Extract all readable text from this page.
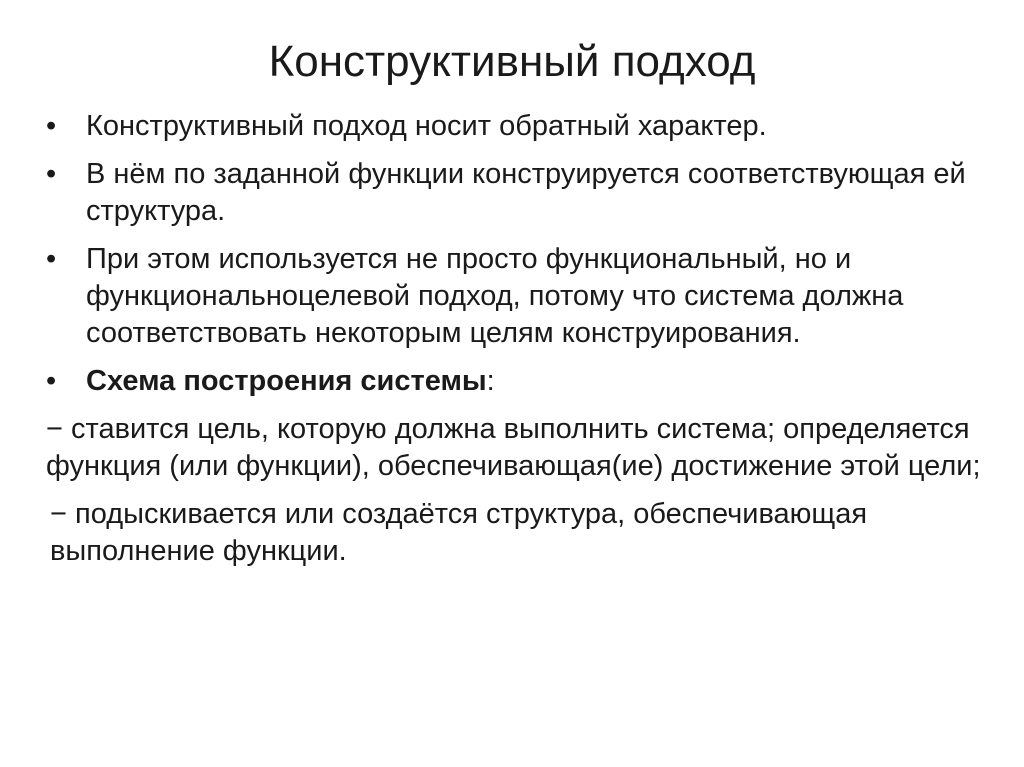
Конструктивный подход
• Конструктивный подход носит обратный характер.
• В нём по заданной функции конструируется соответствующая ей структура.
• При этом используется не просто функциональный, но и функциональноцелевой подход, потому что система должна соответствовать некоторым целям конструирования.
• Схема построения системы:

− ставится цель, которую должна выполнить система; определяется функция (или функции), обеспечивающая(ие) достижение этой цели;

− подыскивается или создаётся структура, обеспечивающая выполнение функции.
